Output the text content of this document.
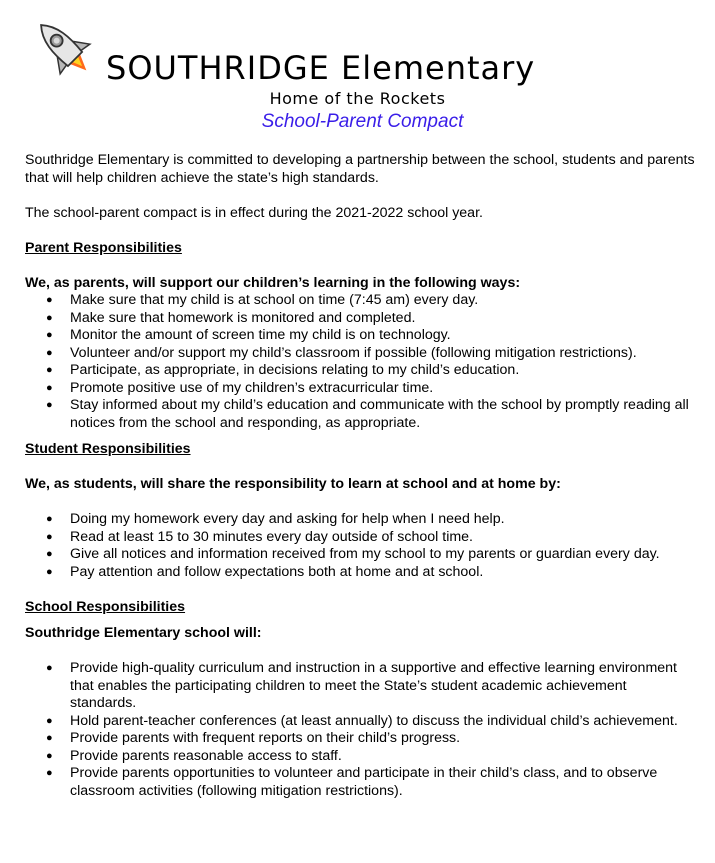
SOUTHRIDGE Elementary
Home of the Rockets
School-Parent Compact

Southridge Elementary is committed to developing a partnership between the school, students and parents that will help children achieve the state’s high standards.

The school-parent compact is in effect during the 2021-2022 school year.

Parent Responsibilities

We, as parents, will support our children’s learning in the following ways:

● Make sure that my child is at school on time (7:45 am) every day.
● Make sure that homework is monitored and completed.
● Monitor the amount of screen time my child is on technology.
● Volunteer and/or support my child’s classroom if possible (following mitigation restrictions).
● Participate, as appropriate, in decisions relating to my child’s education.
● Promote positive use of my children’s extracurricular time.
● Stay informed about my child’s education and communicate with the school by promptly reading all notices from the school and responding, as appropriate.

Student Responsibilities

We, as students, will share the responsibility to learn at school and at home by:

● Doing my homework every day and asking for help when I need help.
● Read at least 15 to 30 minutes every day outside of school time.
● Give all notices and information received from my school to my parents or guardian every day.
● Pay attention and follow expectations both at home and at school.

School Responsibilities

Southridge Elementary school will:

● Provide high-quality curriculum and instruction in a supportive and effective learning environment that enables the participating children to meet the State’s student academic achievement standards.
● Hold parent-teacher conferences (at least annually) to discuss the individual child’s achievement.
● Provide parents with frequent reports on their child’s progress.
● Provide parents reasonable access to staff.
● Provide parents opportunities to volunteer and participate in their child’s class, and to observe classroom activities (following mitigation restrictions).
